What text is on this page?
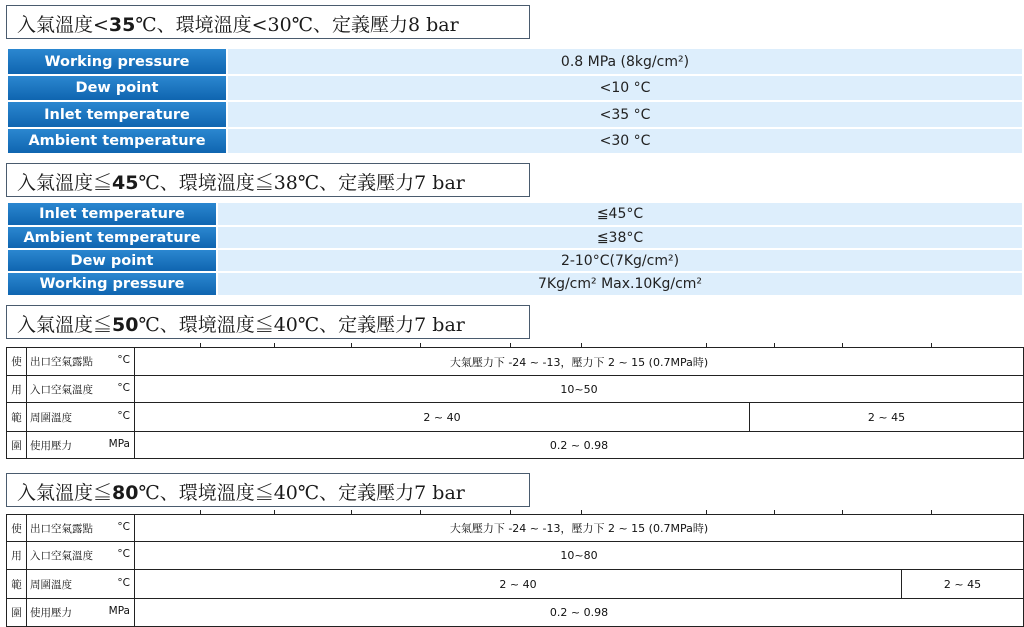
入氣溫度<35℃、環境溫度<30℃、定義壓力8 bar
Working pressure	0.8 MPa (8kg/cm²)
Dew point	<10 °C
Inlet temperature	<35 °C
Ambient temperature	<30 °C
入氣溫度≦45℃、環境溫度≦38℃、定義壓力7 bar
Inlet temperature	≦45°C
Ambient temperature	≦38°C
Dew point	2-10°C(7Kg/cm²)
Working pressure	7Kg/cm² Max.10Kg/cm²
入氣溫度≦50℃、環境溫度≦40℃、定義壓力7 bar
使	出口空氣露點 °C	大氣壓力下 -24 ~ -13，壓力下 2 ~ 15 (0.7MPa時)	
用	入口空氣溫度 °C	10~50	
範	周圍溫度 °C	2 ~ 40	2 ~ 45
圍	使用壓力 MPa	0.2 ~ 0.98	
入氣溫度≦80℃、環境溫度≦40℃、定義壓力7 bar
使	出口空氣露點 °C	大氣壓力下 -24 ~ -13，壓力下 2 ~ 15 (0.7MPa時)	
用	入口空氣溫度 °C	10~80	
範	周圍溫度 °C	2 ~ 40	2 ~ 45
圍	使用壓力 MPa	0.2 ~ 0.98	
